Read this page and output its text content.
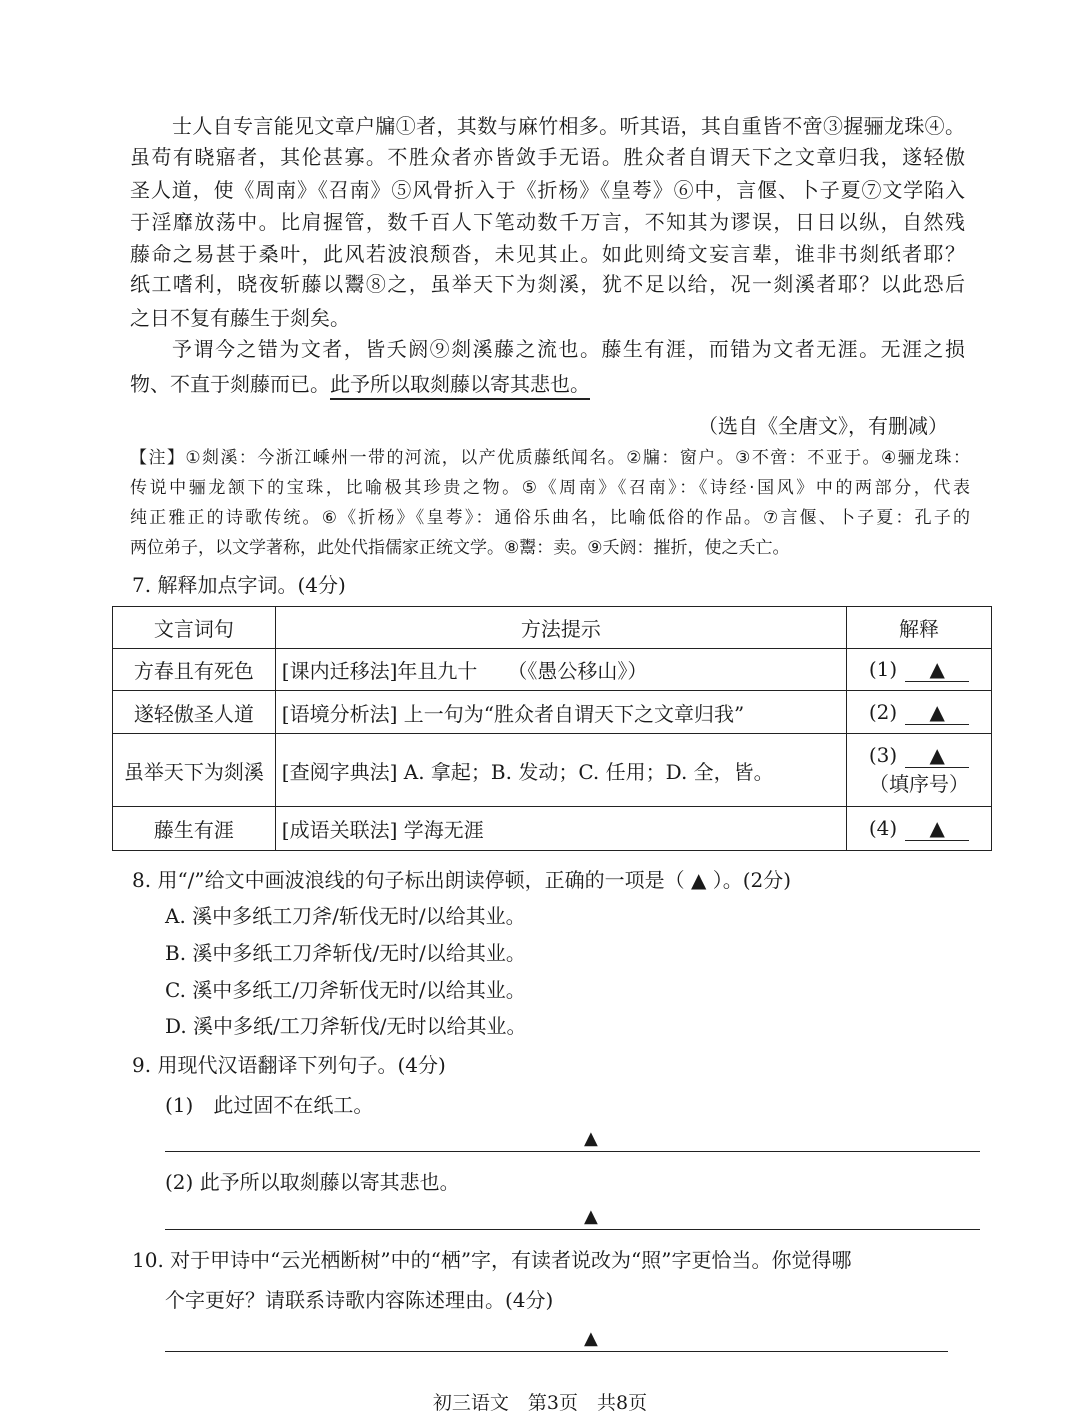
士人自专言能见文章户牖①者，其数与麻竹相多。听其语，其自重皆不啻③握骊龙珠④。
虽苟有晓寤者，其伦甚寡。不胜众者亦皆敛手无语。胜众者自谓天下之文章归我，遂轻傲
圣人道，使《周南》《召南》⑤风骨折入于《折杨》《皇荂》⑥中，言偃、卜子夏⑦文学陷入
于淫靡放荡中。比肩握管，数千百人下笔动数千万言，不知其为谬误，日日以纵，自然残
藤命之易甚于桑叶，此风若波浪颓沓，未见其止。如此则绮文妄言辈，谁非书剡纸者耶？
纸工嗜利，晓夜斩藤以鬻⑧之，虽举天下为剡溪，犹不足以给，况一剡溪者耶？以此恐后
之日不复有藤生于剡矣。
予谓今之错为文者，皆夭阏⑨剡溪藤之流也。藤生有涯，而错为文者无涯。无涯之损
物、不直于剡藤而已。此予所以取剡藤以寄其悲也。
（选自《全唐文》，有删减）
【注】①剡溪：今浙江嵊州一带的河流，以产优质藤纸闻名。②牖：窗户。③不啻：不亚于。④骊龙珠：
传说中骊龙颔下的宝珠，比喻极其珍贵之物。⑤《周南》《召南》：《诗经·国风》中的两部分，代表
纯正雅正的诗歌传统。⑥《折杨》《皇荂》：通俗乐曲名，比喻低俗的作品。⑦言偃、卜子夏：孔子的
两位弟子，以文学著称，此处代指儒家正统文学。⑧鬻：卖。⑨夭阏：摧折，使之夭亡。
7. 解释加点字词。(4分)
文言词句	方法提示	解释
方春且有死色	[课内迁移法]年且九十　　（《愚公移山》）	(1) ▲
遂轻傲圣人道	[语境分析法] 上一句为“胜众者自谓天下之文章归我”	(2) ▲
虽举天下为剡溪	[查阅字典法] A. 拿起；B. 发动；C. 任用；D. 全，皆。	(3) ▲
（填序号）

藤生有涯	[成语关联法] 学海无涯	(4) ▲
8. 用“/”给文中画波浪线的句子标出朗读停顿，正确的一项是（ ▲ ）。(2分)
A. 溪中多纸工刀斧/斩伐无时/以给其业。
B. 溪中多纸工刀斧斩伐/无时/以给其业。
C. 溪中多纸工/刀斧斩伐无时/以给其业。
D. 溪中多纸/工刀斧斩伐/无时以给其业。
9. 用现代汉语翻译下列句子。(4分)
(1)　此过固不在纸工。
▲
(2) 此予所以取剡藤以寄其悲也。
▲
10. 对于甲诗中“云光栖断树”中的“栖”字，有读者说改为“照”字更恰当。你觉得哪
个字更好？请联系诗歌内容陈述理由。(4分)
▲
初三语文　第3页　共8页
